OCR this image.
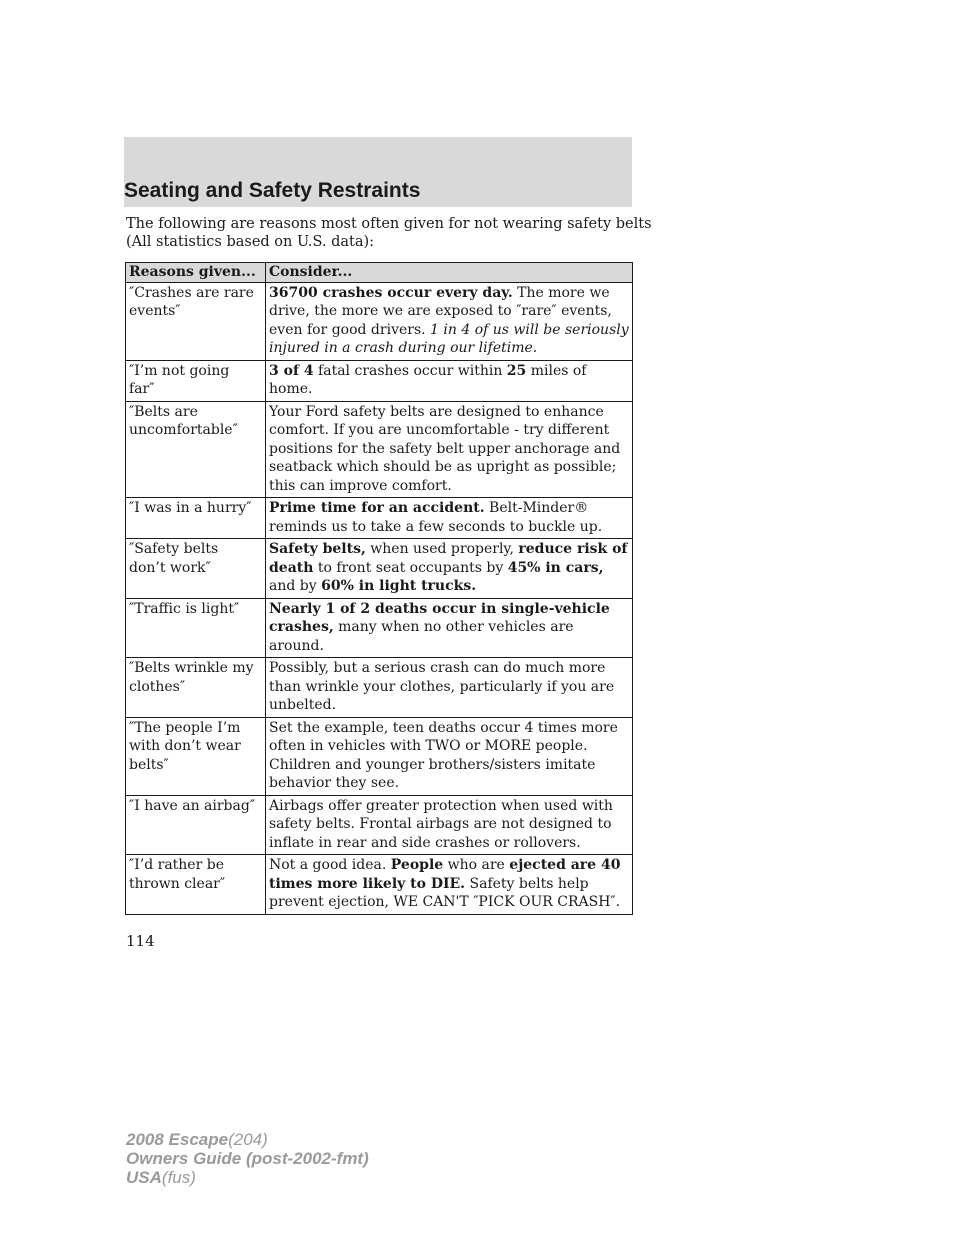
Seating and Safety Restraints
The following are reasons most often given for not wearing safety belts
(All statistics based on U.S. data):
Reasons given...	Consider...
″Crashes are rare events″	36700 crashes occur every day. The more we drive, the more we are exposed to ″rare″ events, even for good drivers. 1 in 4 of us will be seriously injured in a crash during our lifetime.
″I’m not going far″	3 of 4 fatal crashes occur within 25 miles of home.
″Belts are uncomfortable″	Your Ford safety belts are designed to enhance comfort. If you are uncomfortable - try different positions for the safety belt upper anchorage and seatback which should be as upright as possible; this can improve comfort.
″I was in a hurry″	Prime time for an accident. Belt-Minder® reminds us to take a few seconds to buckle up.
″Safety belts don’t work″	Safety belts, when used properly, reduce risk of death to front seat occupants by 45% in cars, and by 60% in light trucks.
″Traffic is light″	Nearly 1 of 2 deaths occur in single-vehicle crashes, many when no other vehicles are around.
″Belts wrinkle my clothes″	Possibly, but a serious crash can do much more than wrinkle your clothes, particularly if you are unbelted.
″The people I’m with don’t wear belts″	Set the example, teen deaths occur 4 times more often in vehicles with TWO or MORE people. Children and younger brothers/sisters imitate behavior they see.
″I have an airbag″	Airbags offer greater protection when used with safety belts. Frontal airbags are not designed to inflate in rear and side crashes or rollovers.
″I’d rather be thrown clear″	Not a good idea. People who are ejected are 40 times more likely to DIE. Safety belts help prevent ejection, WE CAN'T ″PICK OUR CRASH″.
114
2008 Escape(204)
Owners Guide (post-2002-fmt)
USA(fus)
